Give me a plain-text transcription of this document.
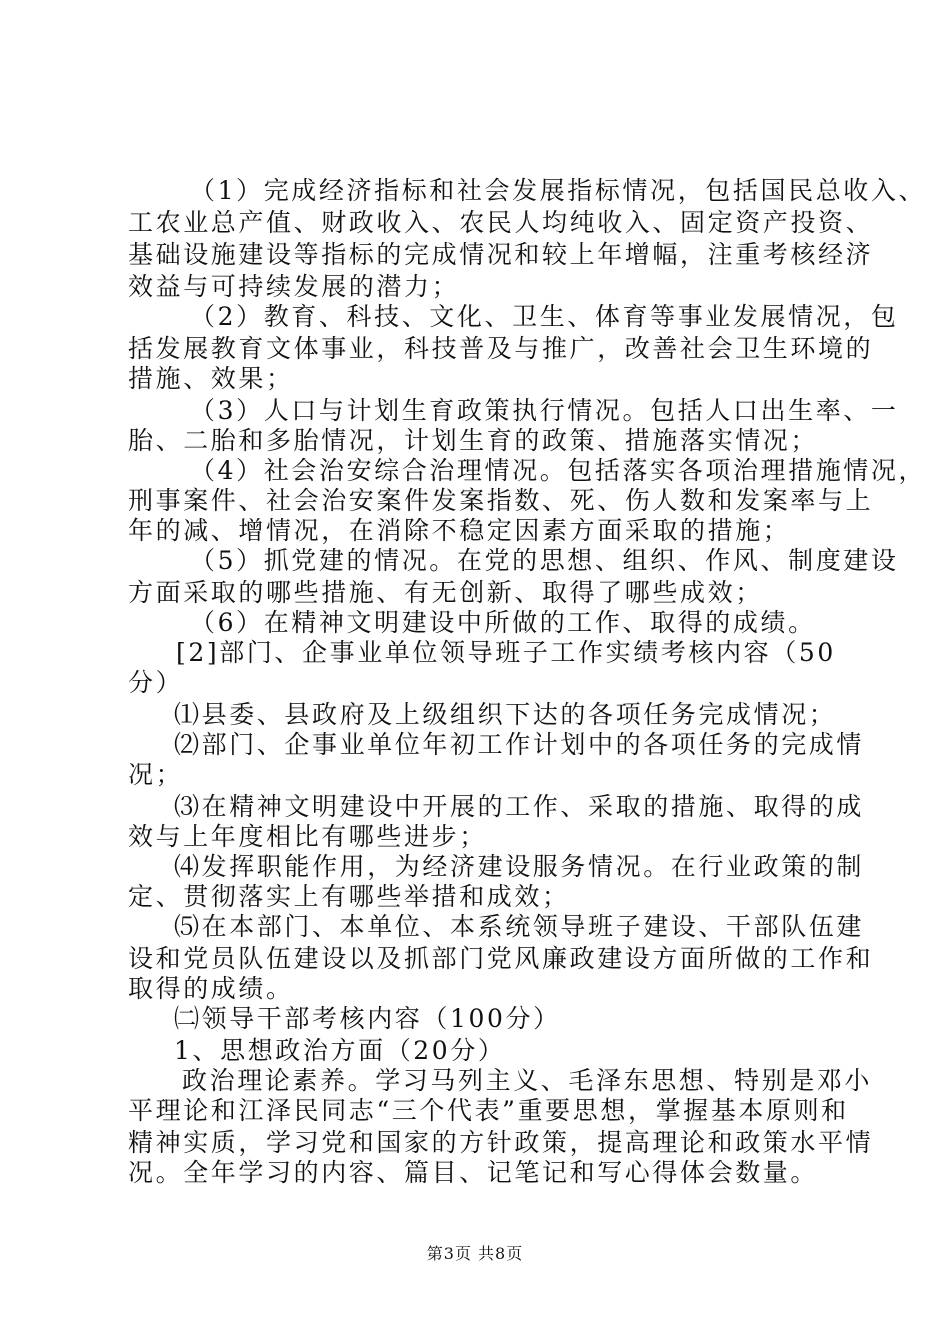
（1）完成经济指标和社会发展指标情况，包括国民总收入、
工农业总产值、财政收入、农民人均纯收入、固定资产投资、
基础设施建设等指标的完成情况和较上年增幅，注重考核经济
效益与可持续发展的潜力；
（2）教育、科技、文化、卫生、体育等事业发展情况，包
括发展教育文体事业，科技普及与推广，改善社会卫生环境的
措施、效果；
（3）人口与计划生育政策执行情况。包括人口出生率、一
胎、二胎和多胎情况，计划生育的政策、措施落实情况；
（4）社会治安综合治理情况。包括落实各项治理措施情况，
刑事案件、社会治安案件发案指数、死、伤人数和发案率与上
年的减、增情况，在消除不稳定因素方面采取的措施；
（5）抓党建的情况。在党的思想、组织、作风、制度建设
方面采取的哪些措施、有无创新、取得了哪些成效；
（6）在精神文明建设中所做的工作、取得的成绩。
[2]部门、企事业单位领导班子工作实绩考核内容（50
分）
⑴县委、县政府及上级组织下达的各项任务完成情况；
⑵部门、企事业单位年初工作计划中的各项任务的完成情
况；
⑶在精神文明建设中开展的工作、采取的措施、取得的成
效与上年度相比有哪些进步；
⑷发挥职能作用，为经济建设服务情况。在行业政策的制
定、贯彻落实上有哪些举措和成效；
⑸在本部门、本单位、本系统领导班子建设、干部队伍建
设和党员队伍建设以及抓部门党风廉政建设方面所做的工作和
取得的成绩。
㈡领导干部考核内容（100分）
1、思想政治方面（20分）
政治理论素养。学习马列主义、毛泽东思想、特别是邓小
平理论和江泽民同志“三个代表”重要思想，掌握基本原则和
精神实质，学习党和国家的方针政策，提高理论和政策水平情
况。全年学习的内容、篇目、记笔记和写心得体会数量。
第3页 共8页
